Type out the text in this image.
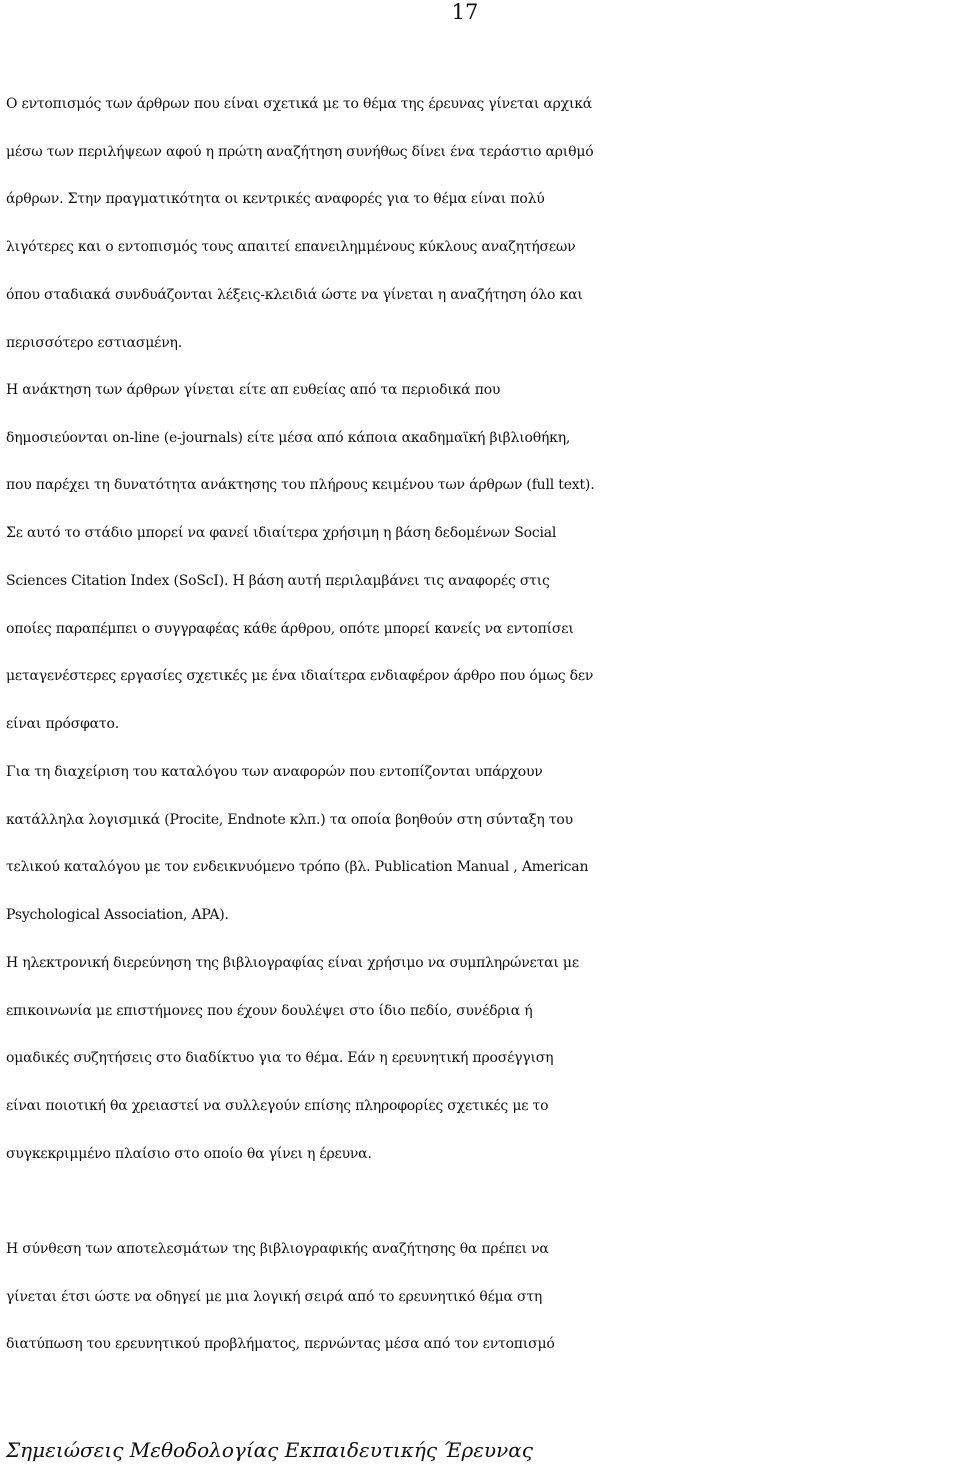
17

Ο εντοπισμός των άρθρων που είναι σχετικά με το θέμα της έρευνας γίνεται αρχικά
μέσω των περιλήψεων αφού η πρώτη αναζήτηση συνήθως δίνει ένα τεράστιο αριθμό
άρθρων. Στην πραγματικότητα οι κεντρικές αναφορές για το θέμα είναι πολύ
λιγότερες και ο εντοπισμός τους απαιτεί επανειλημμένους κύκλους αναζητήσεων
όπου σταδιακά συνδυάζονται λέξεις-κλειδιά ώστε να γίνεται η αναζήτηση όλο και
περισσότερο εστιασμένη.

Η ανάκτηση των άρθρων γίνεται είτε απ ευθείας από τα περιοδικά που
δημοσιεύονται on-line (e-journals) είτε μέσα από κάποια ακαδημαϊκή βιβλιοθήκη,
που παρέχει τη δυνατότητα ανάκτησης του πλήρους κειμένου των άρθρων (full text).
Σε αυτό το στάδιο μπορεί να φανεί ιδιαίτερα χρήσιμη η βάση δεδομένων Social
Sciences Citation Index (SoScI). Η βάση αυτή περιλαμβάνει τις αναφορές στις
οποίες παραπέμπει ο συγγραφέας κάθε άρθρου, οπότε μπορεί κανείς να εντοπίσει
μεταγενέστερες εργασίες σχετικές με ένα ιδιαίτερα ενδιαφέρον άρθρο που όμως δεν
είναι πρόσφατο.

Για τη διαχείριση του καταλόγου των αναφορών που εντοπίζονται υπάρχουν
κατάλληλα λογισμικά (Procite, Endnote κλπ.) τα οποία βοηθούν στη σύνταξη του
τελικού καταλόγου με τον ενδεικνυόμενο τρόπο (βλ. Publication Manual , American
Psychological Association, APA).

Η ηλεκτρονική διερεύνηση της βιβλιογραφίας είναι χρήσιμο να συμπληρώνεται με
επικοινωνία με επιστήμονες που έχουν δουλέψει στο ίδιο πεδίο, συνέδρια ή
ομαδικές συζητήσεις στο διαδίκτυο για το θέμα. Εάν η ερευνητική προσέγγιση
είναι ποιοτική θα χρειαστεί να συλλεγούν επίσης πληροφορίες σχετικές με το
συγκεκριμμένο πλαίσιο στο οποίο θα γίνει η έρευνα.

Η σύνθεση των αποτελεσμάτων της βιβλιογραφικής αναζήτησης θα πρέπει να
γίνεται έτσι ώστε να οδηγεί με μια λογική σειρά από το ερευνητικό θέμα στη
διατύπωση του ερευνητικού προβλήματος, περνώντας μέσα από τον εντοπισμό

Σημειώσεις Μεθοδολογίας Εκπαιδευτικής Έρευνας
